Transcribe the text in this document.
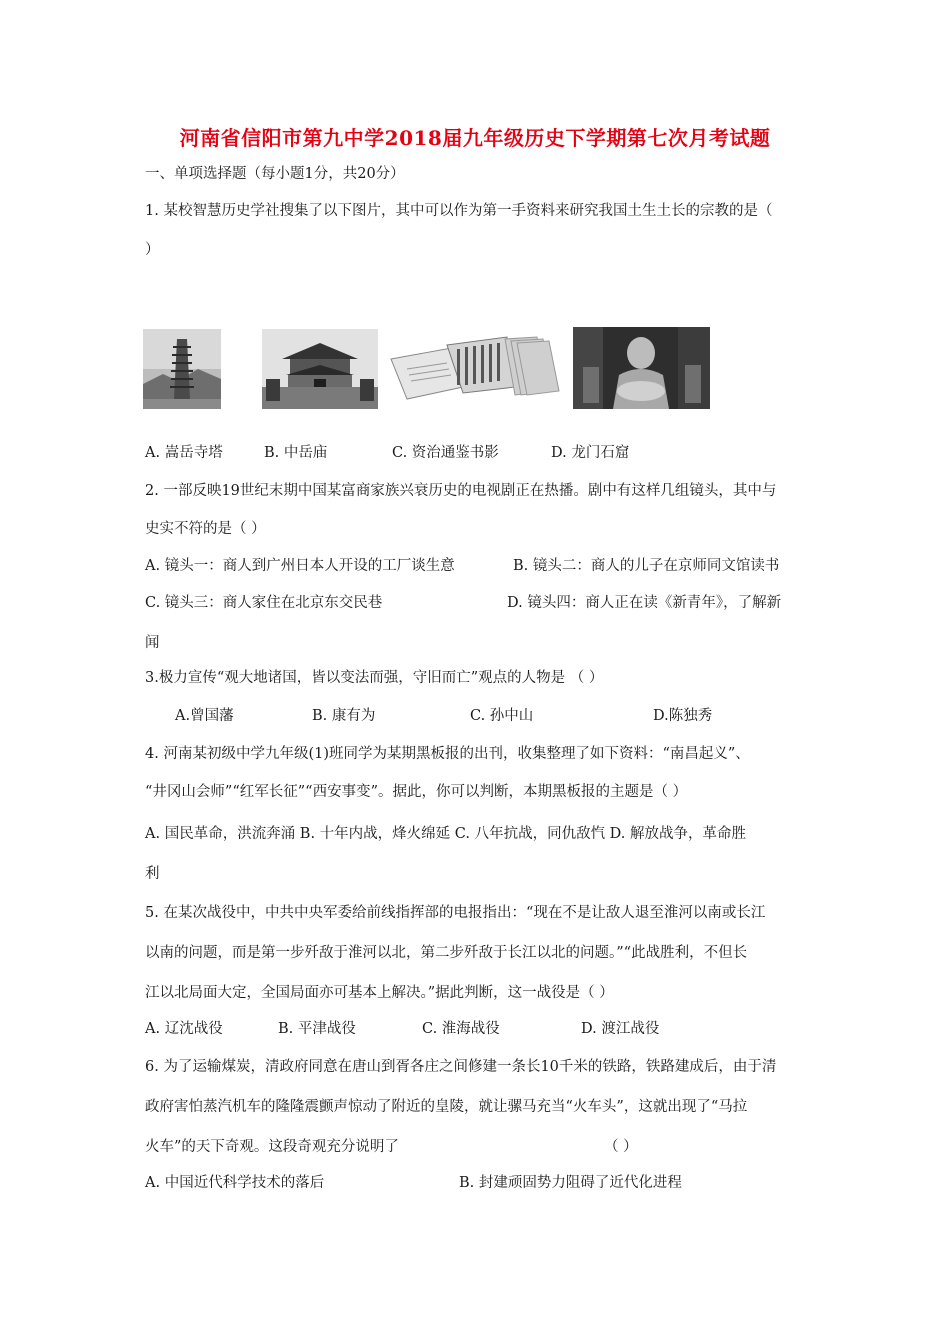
河南省信阳市第九中学2018届九年级历史下学期第七次月考试题
一、单项选择题（每小题1分，共20分）
1. 某校智慧历史学社搜集了以下图片，其中可以作为第一手资料来研究我国土生土长的宗教的是（
）
A. 嵩岳寺塔	B. 中岳庙	C. 资治通鉴书影	D. 龙门石窟
2. 一部反映19世纪末期中国某富商家族兴衰历史的电视剧正在热播。剧中有这样几组镜头，其中与
史实不符的是（ ）
A. 镜头一：商人到广州日本人开设的工厂谈生意	B. 镜头二：商人的儿子在京师同文馆读书
C. 镜头三：商人家住在北京东交民巷	D. 镜头四：商人正在读《新青年》，了解新
闻
3.极力宣传“观大地诸国，皆以变法而强，守旧而亡”观点的人物是 （ ）
A.曾国藩	B. 康有为	C. 孙中山	D.陈独秀
4. 河南某初级中学九年级(1)班同学为某期黑板报的出刊，收集整理了如下资料：“南昌起义”、
“井冈山会师”“红军长征”“西安事变”。据此，你可以判断，本期黑板报的主题是（ ）
A. 国民革命，洪流奔涌 B. 十年内战，烽火绵延 C. 八年抗战，同仇敌忾 D. 解放战争，革命胜
利
5. 在某次战役中，中共中央军委给前线指挥部的电报指出：“现在不是让敌人退至淮河以南或长江
以南的问题，而是第一步歼敌于淮河以北，第二步歼敌于长江以北的问题。”“此战胜利，不但长
江以北局面大定，全国局面亦可基本上解决。”据此判断，这一战役是（ ）
A. 辽沈战役	B. 平津战役	C. 淮海战役	D. 渡江战役
6. 为了运输煤炭，清政府同意在唐山到胥各庄之间修建一条长10千米的铁路，铁路建成后，由于清
政府害怕蒸汽机车的隆隆震颤声惊动了附近的皇陵，就让骡马充当“火车头”，这就出现了“马拉
火车”的天下奇观。这段奇观充分说明了	（ ）
A. 中国近代科学技术的落后	B. 封建顽固势力阻碍了近代化进程
